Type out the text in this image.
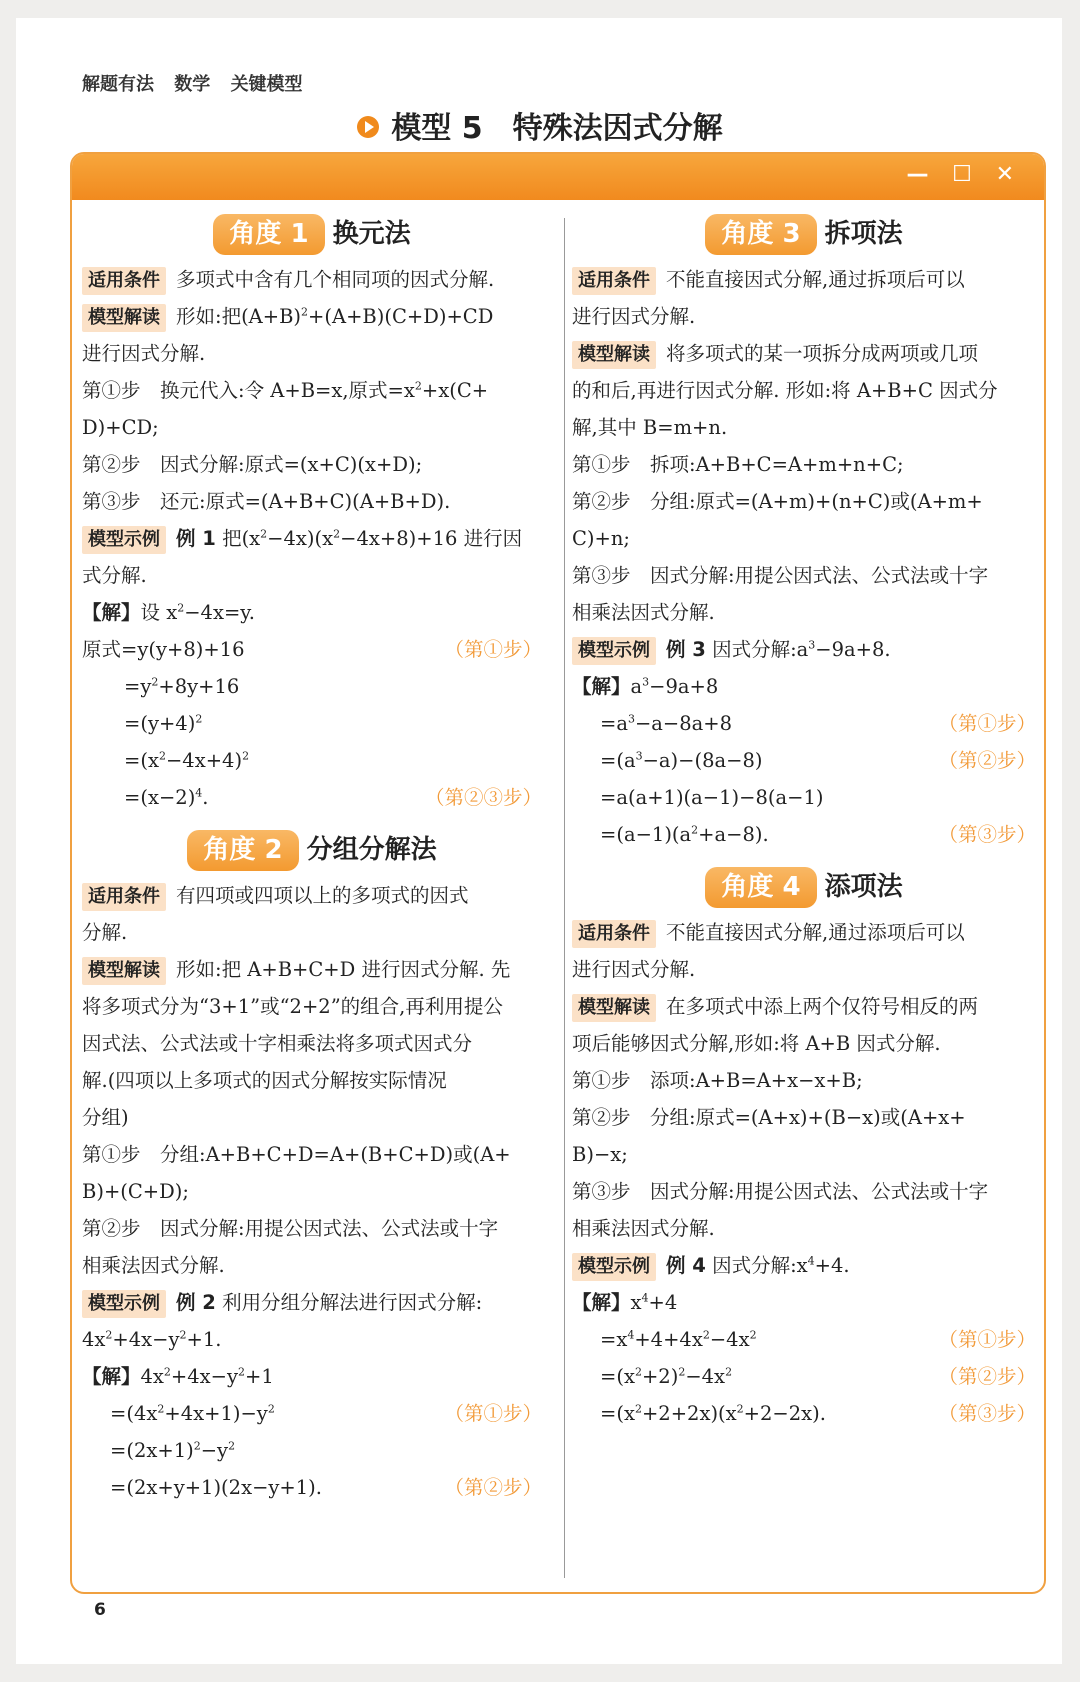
解题有法 数学 关键模型
模型 5 特殊法因式分解
— ☐ ✕
角度 1 换元法

适用条件 多项式中含有几个相同项的因式分解.

模型解读 形如:把$(A+B)^2+(A+B)(C+D)+CD$

进行因式分解.

第①步　换元代入:令 A+B=x,原式$=x^2+x(C+$

D)+CD;

第②步　因式分解:原式=(x+C)(x+D);

第③步　还元:原式=(A+B+C)(A+B+D).

模型示例 例 1 把$(x^2-4x)(x^2-4x+8)+16$ 进行因

式分解.

【解】设 $x^2-4x=y$.

原式=y(y+8)+16	（第①步）
$=y^2+8y+16$
$=(y+4)^2$
$=(x^2-4x+4)^2$
$=(x-2)^4$.	（第②③步）
角度 2 分组分解法

适用条件 有四项或四项以上的多项式的因式

分解.

模型解读 形如:把 A+B+C+D 进行因式分解. 先

将多项式分为“3+1”或“2+2”的组合,再利用提公

因式法、公式法或十字相乘法将多项式因式分

解.(四项以上多项式的因式分解按实际情况

分组)

第①步　分组:A+B+C+D=A+(B+C+D)或(A+

B)+(C+D);

第②步　因式分解:用提公因式法、公式法或十字

相乘法因式分解.

模型示例 例 2 利用分组分解法进行因式分解:

$4x^2+4x-y^2+1$.

【解】$4x^2+4x-y^2+1$

$=(4x^2+4x+1)-y^2$	（第①步）
$=(2x+1)^2-y^2$
=(2x+y+1)(2x−y+1).	（第②步）
角度 3 拆项法

适用条件 不能直接因式分解,通过拆项后可以

进行因式分解.

模型解读 将多项式的某一项拆分成两项或几项

的和后,再进行因式分解. 形如:将 A+B+C 因式分

解,其中 B=m+n.

第①步　拆项:A+B+C=A+m+n+C;

第②步　分组:原式=(A+m)+(n+C)或(A+m+

C)+n;

第③步　因式分解:用提公因式法、公式法或十字

相乘法因式分解.

模型示例 例 3 因式分解$:a^3-9a+8$.

【解】$a^3-9a+8$

$=a^3-a-8a+8$	（第①步）
$=(a^3-a)-(8a-8)$	（第②步）
=a(a+1)(a−1)−8(a−1)
$=(a-1)(a^2+a-8)$.	（第③步）
角度 4 添项法

适用条件 不能直接因式分解,通过添项后可以

进行因式分解.

模型解读 在多项式中添上两个仅符号相反的两

项后能够因式分解,形如:将 A+B 因式分解.

第①步　添项:A+B=A+x−x+B;

第②步　分组:原式=(A+x)+(B−x)或(A+x+

B)−x;

第③步　因式分解:用提公因式法、公式法或十字

相乘法因式分解.

模型示例 例 4 因式分解$:x^4+4$.

【解】$x^4+4$

$=x^4+4+4x^2-4x^2$	（第①步）
$=(x^2+2)^2-4x^2$	（第②步）
$=(x^2+2+2x)(x^2+2-2x)$.	（第③步）
6
